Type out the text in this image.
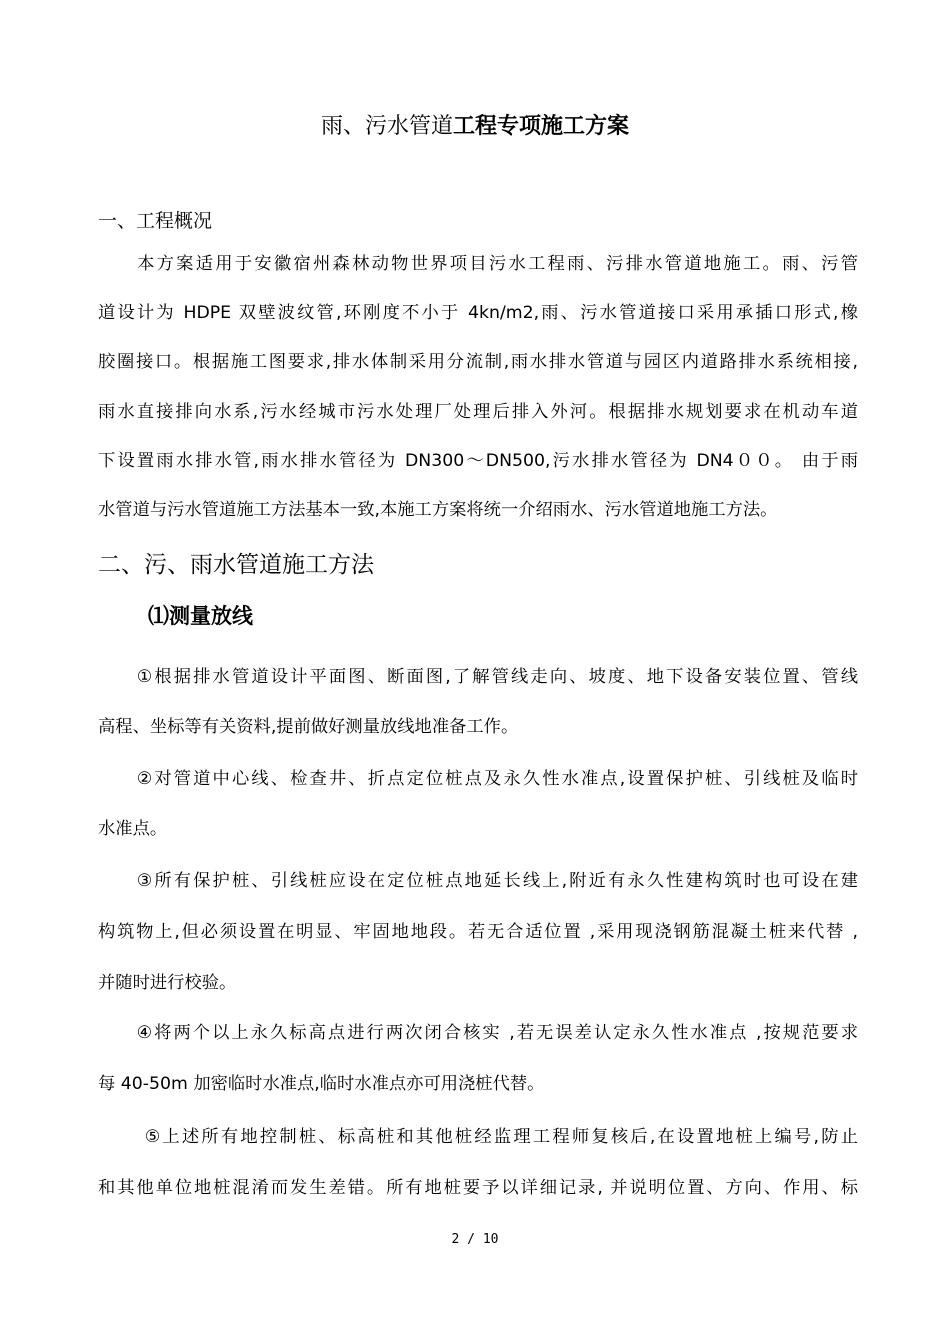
雨、污水管道工程专项施工方案
一、工程概况
　　本方案适用于安徽宿州森林动物世界项目污水工程雨、污排水管道地施工。雨、污管
道设计为 HDPE 双壁波纹管,环刚度不小于 4kn/m2,雨、污水管道接口采用承插口形式,橡
胶圈接口。根据施工图要求,排水体制采用分流制,雨水排水管道与园区内道路排水系统相接,
雨水直接排向水系,污水经城市污水处理厂处理后排入外河。根据排水规划要求在机动车道
下设置雨水排水管,雨水排水管径为 DN300～DN500,污水排水管径为 DN4００。 由于雨
水管道与污水管道施工方法基本一致,本施工方案将统一介绍雨水、污水管道地施工方法。
二、污、雨水管道施工方法
⑴测量放线
　　①根据排水管道设计平面图、断面图,了解管线走向、坡度、地下设备安装位置、管线
高程、坐标等有关资料,提前做好测量放线地准备工作。
　　②对管道中心线、检查井、折点定位桩点及永久性水准点,设置保护桩、引线桩及临时
水准点。
　　③所有保护桩、引线桩应设在定位桩点地延长线上,附近有永久性建构筑时也可设在建
构筑物上,但必须设置在明显、牢固地地段。若无合适位置 ,采用现浇钢筋混凝土桩来代替 ,
并随时进行校验。
　　④将两个以上永久标高点进行两次闭合核实 ,若无误差认定永久性水准点 ,按规范要求
每 40-50m 加密临时水准点,临时水准点亦可用浇桩代替。
　　 ⑤上述所有地控制桩、标高桩和其他桩经监理工程师复核后,在设置地桩上编号,防止
和其他单位地桩混淆而发生差错。所有地桩要予以详细记录, 并说明位置、方向、作用、标
2 / 10
